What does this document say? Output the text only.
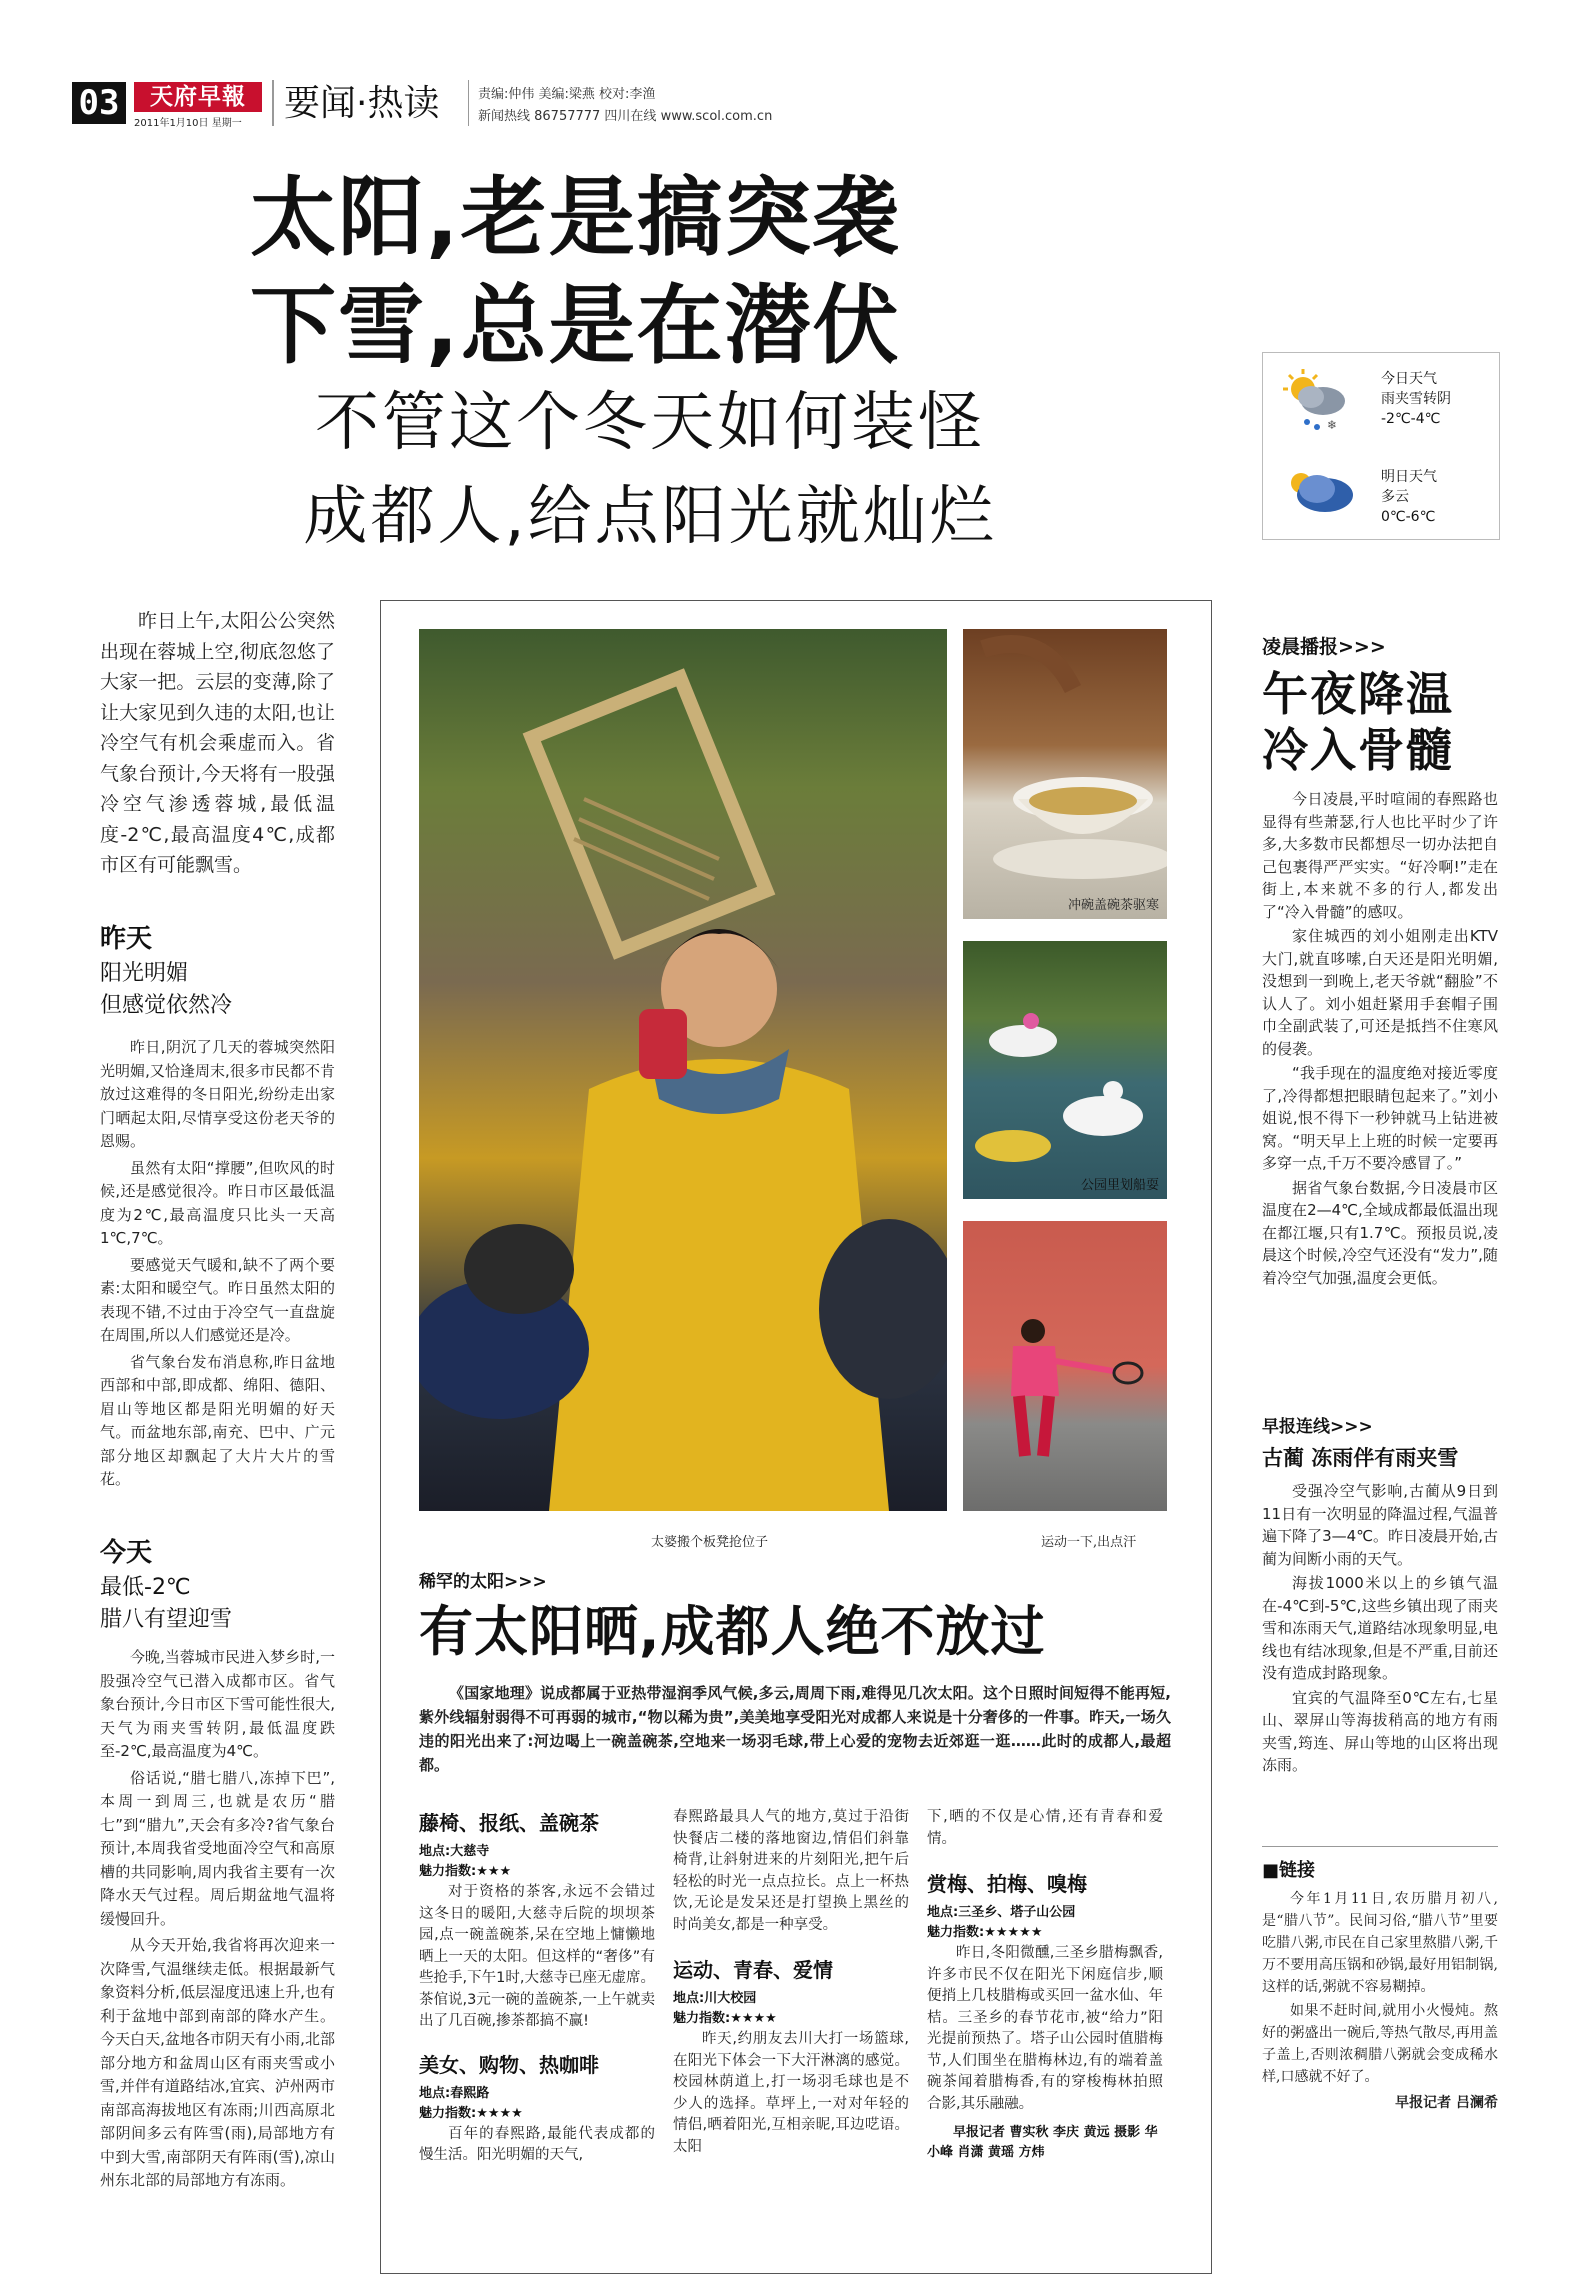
03	天府早報
2011年1月10日 星期一 要闻·热读	责编:仲伟 美编:梁燕 校对:李渔
新闻热线 86757777 四川在线 www.scol.com.cn
太阳,老是搞突袭
下雪,总是在潜伏
不管这个冬天如何装怪
成都人,给点阳光就灿烂
❄
今日天气
雨夹雪转阴
-2℃-4℃
明日天气
多云
0℃-6℃

昨日上午,太阳公公突然出现在蓉城上空,彻底忽悠了大家一把。云层的变薄,除了让大家见到久违的太阳,也让冷空气有机会乘虚而入。省气象台预计,今天将有一股强冷空气渗透蓉城,最低温度-2℃,最高温度4℃,成都市区有可能飘雪。

昨天
阳光明媚
但感觉依然冷

昨日,阴沉了几天的蓉城突然阳光明媚,又恰逢周末,很多市民都不肯放过这难得的冬日阳光,纷纷走出家门晒起太阳,尽情享受这份老天爷的恩赐。

虽然有太阳“撑腰”,但吹风的时候,还是感觉很冷。昨日市区最低温度为2℃,最高温度只比头一天高1℃,7℃。

要感觉天气暖和,缺不了两个要素:太阳和暖空气。昨日虽然太阳的表现不错,不过由于冷空气一直盘旋在周围,所以人们感觉还是冷。

省气象台发布消息称,昨日盆地西部和中部,即成都、绵阳、德阳、眉山等地区都是阳光明媚的好天气。而盆地东部,南充、巴中、广元部分地区却飘起了大片大片的雪花。

今天
最低-2℃
腊八有望迎雪

今晚,当蓉城市民进入梦乡时,一股强冷空气已潜入成都市区。省气象台预计,今日市区下雪可能性很大,天气为雨夹雪转阴,最低温度跌至-2℃,最高温度为4℃。

俗话说,“腊七腊八,冻掉下巴”,本周一到周三,也就是农历“腊七”到“腊九”,天会有多冷?省气象台预计,本周我省受地面冷空气和高原槽的共同影响,周内我省主要有一次降水天气过程。周后期盆地气温将缓慢回升。

从今天开始,我省将再次迎来一次降雪,气温继续走低。根据最新气象资料分析,低层湿度迅速上升,也有利于盆地中部到南部的降水产生。今天白天,盆地各市阴天有小雨,北部部分地方和盆周山区有雨夹雪或小雪,并伴有道路结冰,宜宾、泸州两市南部高海拔地区有冻雨;川西高原北部阴间多云有阵雪(雨),局部地方有中到大雪,南部阴天有阵雨(雪),凉山州东北部的局部地方有冻雨。

冲碗盖碗茶驱寒
公园里划船耍
太婆搬个板凳抢位子	运动一下,出点汗
稀罕的太阳>>>
有太阳晒,成都人绝不放过

《国家地理》说成都属于亚热带湿润季风气候,多云,周周下雨,难得见几次太阳。这个日照时间短得不能再短,紫外线辐射弱得不可再弱的城市,“物以稀为贵”,美美地享受阳光对成都人来说是十分奢侈的一件事。昨天,一场久违的阳光出来了:河边喝上一碗盖碗茶,空地来一场羽毛球,带上心爱的宠物去近郊逛一逛……此时的成都人,最超都。

藤椅、报纸、盖碗茶
地点:大慈寺
魅力指数:★★★

对于资格的茶客,永远不会错过这冬日的暖阳,大慈寺后院的坝坝茶园,点一碗盖碗茶,呆在空地上慵懒地晒上一天的太阳。但这样的“奢侈”有些抢手,下午1时,大慈寺已座无虚席。茶倌说,3元一碗的盖碗茶,一上午就卖出了几百碗,掺茶都搞不赢!

美女、购物、热咖啡
地点:春熙路
魅力指数:★★★★

百年的春熙路,最能代表成都的慢生活。阳光明媚的天气,

春熙路最具人气的地方,莫过于沿街快餐店二楼的落地窗边,情侣们斜靠椅背,让斜射进来的片刻阳光,把午后轻松的时光一点点拉长。点上一杯热饮,无论是发呆还是打望换上黑丝的时尚美女,都是一种享受。

运动、青春、爱情
地点:川大校园
魅力指数:★★★★

昨天,约朋友去川大打一场篮球,在阳光下体会一下大汗淋漓的感觉。校园林荫道上,打一场羽毛球也是不少人的选择。草坪上,一对对年轻的情侣,晒着阳光,互相亲昵,耳边呓语。太阳

下,晒的不仅是心情,还有青春和爱情。

赏梅、拍梅、嗅梅
地点:三圣乡、塔子山公园
魅力指数:★★★★★

昨日,冬阳微醺,三圣乡腊梅飘香,许多市民不仅在阳光下闲庭信步,顺便捎上几枝腊梅或买回一盆水仙、年桔。三圣乡的春节花市,被“给力”阳光提前预热了。塔子山公园时值腊梅节,人们围坐在腊梅林边,有的端着盖碗茶闻着腊梅香,有的穿梭梅林拍照合影,其乐融融。

早报记者 曹实秋 李庆 黄远 摄影 华小峰 肖潇 黄瑶 方炜
凌晨播报>>>
午夜降温
冷入骨髓

今日凌晨,平时喧闹的春熙路也显得有些萧瑟,行人也比平时少了许多,大多数市民都想尽一切办法把自己包裹得严严实实。“好冷啊!”走在街上,本来就不多的行人,都发出了“冷入骨髓”的感叹。

家住城西的刘小姐刚走出KTV大门,就直哆嗦,白天还是阳光明媚,没想到一到晚上,老天爷就“翻脸”不认人了。刘小姐赶紧用手套帽子围巾全副武装了,可还是抵挡不住寒风的侵袭。

“我手现在的温度绝对接近零度了,冷得都想把眼睛包起来了。”刘小姐说,恨不得下一秒钟就马上钻进被窝。“明天早上上班的时候一定要再多穿一点,千万不要冷感冒了。”

据省气象台数据,今日凌晨市区温度在2—4℃,全域成都最低温出现在都江堰,只有1.7℃。预报员说,凌晨这个时候,冷空气还没有“发力”,随着冷空气加强,温度会更低。

早报连线>>>
古蔺 冻雨伴有雨夹雪

受强冷空气影响,古蔺从9日到11日有一次明显的降温过程,气温普遍下降了3—4℃。昨日凌晨开始,古蔺为间断小雨的天气。

海拔1000米以上的乡镇气温在-4℃到-5℃,这些乡镇出现了雨夹雪和冻雨天气,道路结冰现象明显,电线也有结冰现象,但是不严重,目前还没有造成封路现象。

宜宾的气温降至0℃左右,七星山、翠屏山等海拔稍高的地方有雨夹雪,筠连、屏山等地的山区将出现冻雨。

■链接

今年1月11日,农历腊月初八,是“腊八节”。民间习俗,“腊八节”里要吃腊八粥,市民在自己家里熬腊八粥,千万不要用高压锅和砂锅,最好用铝制锅,这样的话,粥就不容易糊掉。

如果不赶时间,就用小火慢炖。熬好的粥盛出一碗后,等热气散尽,再用盖子盖上,否则浓稠腊八粥就会变成稀水样,口感就不好了。

早报记者 吕澜希
